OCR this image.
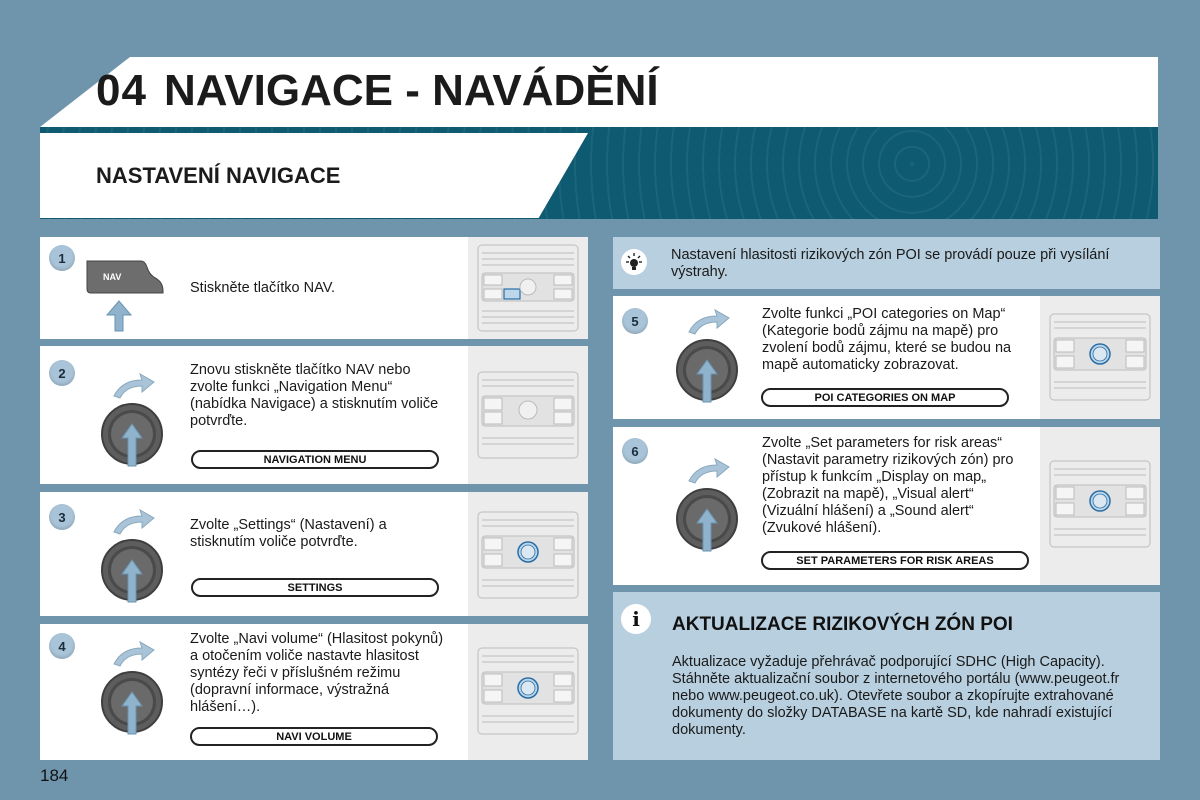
04 NAVIGACE - NAVÁDĚNÍ
NASTAVENÍ NAVIGACE
NAV
1
Stiskněte tlačítko NAV.
2	Znovu stiskněte tlačítko NAV nebo zvolte funkci „Navigation Menu“ (nabídka Navigace) a stisknutím voliče potvrďte.
NAVIGATION MENU
3	Zvolte „Settings“ (Nastavení) a stisknutím voliče potvrďte.
SETTINGS
4	Zvolte „Navi volume“ (Hlasitost pokynů) a otočením voliče nastavte hlasitost syntézy řeči v příslušném režimu (dopravní informace, výstražná hlášení…).
NAVI VOLUME
Nastavení hlasitosti rizikových zón POI se provádí pouze při vysílání výstrahy.
5	Zvolte funkci „POI categories on Map“ (Kategorie bodů zájmu na mapě) pro zvolení bodů zájmu, které se budou na mapě automaticky zobrazovat.
POI CATEGORIES ON MAP
6	Zvolte „Set parameters for risk areas“ (Nastavit parametry rizikových zón) pro přístup k funkcím „Display on map„ (Zobrazit na mapě), „Visual alert“ (Vizuální hlášení) a „Sound alert“ (Zvukové hlášení).
SET PARAMETERS FOR RISK AREAS
i	AKTUALIZACE RIZIKOVÝCH ZÓN POI
Aktualizace vyžaduje přehrávač podporující SDHC (High Capacity). Stáhněte aktualizační soubor z internetového portálu (www.peugeot.fr nebo www.peugeot.co.uk). Otevřete soubor a zkopírujte extrahované dokumenty do složky DATABASE na kartě SD, kde nahradí existující dokumenty.
184
